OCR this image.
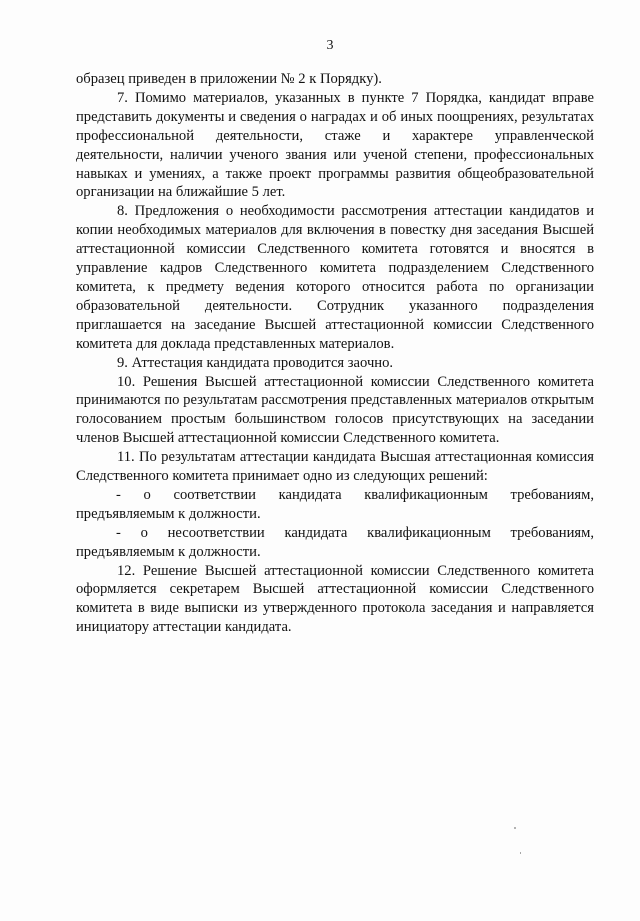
3

образец приведен в приложении № 2 к Порядку).

7. Помимо материалов, указанных в пункте 7 Порядка, кандидат вправе представить документы и сведения о наградах и об иных поощрениях, результатах профессиональной деятельности, стаже и характере управленческой деятельности, наличии ученого звания или ученой степени, профессиональных навыках и умениях, а также проект программы развития общеобразовательной организации на ближайшие 5 лет.

8. Предложения о необходимости рассмотрения аттестации кандидатов и копии необходимых материалов для включения в повестку дня заседания Высшей аттестационной комиссии Следственного комитета готовятся и вносятся в управление кадров Следственного комитета подразделением Следственного комитета, к предмету ведения которого относится работа по организации образовательной деятельности. Сотрудник указанного подразделения приглашается на заседание Высшей аттестационной комиссии Следственного комитета для доклада представленных материалов.

9. Аттестация кандидата проводится заочно.

10. Решения Высшей аттестационной комиссии Следственного комитета принимаются по результатам рассмотрения представленных материалов открытым голосованием простым большинством голосов присутствующих на заседании членов Высшей аттестационной комиссии Следственного комитета.

11. По результатам аттестации кандидата Высшая аттестационная комиссия Следственного комитета принимает одно из следующих решений:

- о соответствии кандидата квалификационным требованиям, предъявляемым к должности.

- о несоответствии кандидата квалификационным требованиям, предъявляемым к должности.

12. Решение Высшей аттестационной комиссии Следственного комитета оформляется секретарем Высшей аттестационной комиссии Следственного комитета в виде выписки из утвержденного протокола заседания и направляется инициатору аттестации кандидата.
